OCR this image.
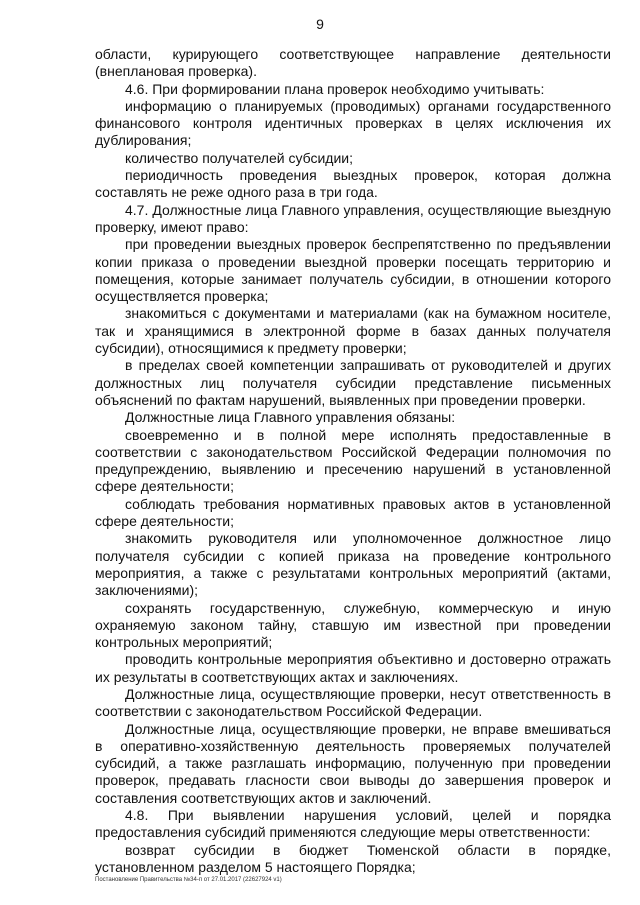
9

области, курирующего соответствующее направление деятельности (внеплановая проверка).

4.6. При формировании плана проверок необходимо учитывать:

информацию о планируемых (проводимых) органами государственного финансового контроля идентичных проверках в целях исключения их дублирования;

количество получателей субсидии;

периодичность проведения выездных проверок, которая должна составлять не реже одного раза в три года.

4.7. Должностные лица Главного управления, осуществляющие выездную проверку, имеют право:

при проведении выездных проверок беспрепятственно по предъявлении копии приказа о проведении выездной проверки посещать территорию и помещения, которые занимает получатель субсидии, в отношении которого осуществляется проверка;

знакомиться с документами и материалами (как на бумажном носителе, так и хранящимися в электронной форме в базах данных получателя субсидии), относящимися к предмету проверки;

в пределах своей компетенции запрашивать от руководителей и других должностных лиц получателя субсидии представление письменных объяснений по фактам нарушений, выявленных при проведении проверки.

Должностные лица Главного управления обязаны:

своевременно и в полной мере исполнять предоставленные в соответствии с законодательством Российской Федерации полномочия по предупреждению, выявлению и пресечению нарушений в установленной сфере деятельности;

соблюдать требования нормативных правовых актов в установленной сфере деятельности;

знакомить руководителя или уполномоченное должностное лицо получателя субсидии с копией приказа на проведение контрольного мероприятия, а также с результатами контрольных мероприятий (актами, заключениями);

сохранять государственную, служебную, коммерческую и иную охраняемую законом тайну, ставшую им известной при проведении контрольных мероприятий;

проводить контрольные мероприятия объективно и достоверно отражать их результаты в соответствующих актах и заключениях.

Должностные лица, осуществляющие проверки, несут ответственность в соответствии с законодательством Российской Федерации.

Должностные лица, осуществляющие проверки, не вправе вмешиваться в оперативно-хозяйственную деятельность проверяемых получателей субсидий, а также разглашать информацию, полученную при проведении проверок, предавать гласности свои выводы до завершения проверок и составления соответствующих актов и заключений.

4.8. При выявлении нарушения условий, целей и порядка предоставления субсидий применяются следующие меры ответственности:

возврат субсидии в бюджет Тюменской области в порядке, установленном разделом 5 настоящего Порядка;

Постановление Правительства №34-п от 27.01.2017 (22627924 v1)
